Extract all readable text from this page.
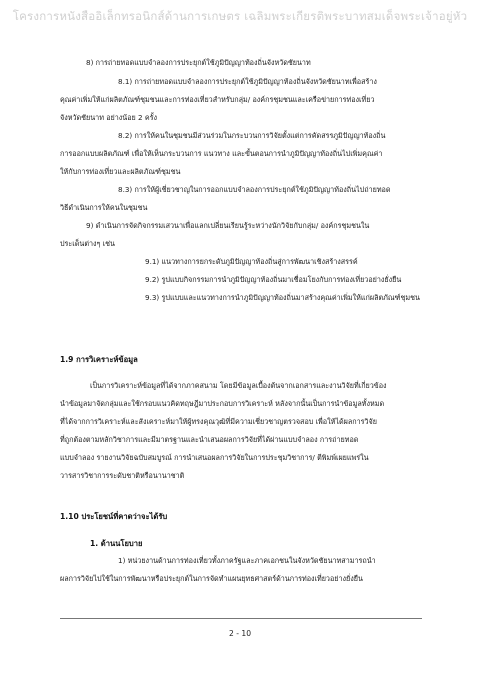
โครงการหนังสืออิเล็กทรอนิกส์ด้านการเกษตร เฉลิมพระเกียรติพระบาทสมเด็จพระเจ้าอยู่หัว
8) การถ่ายทอดแบบจำลองการประยุกต์ใช้ภูมิปัญญาท้องถิ่นจังหวัดชัยนาท
8.1) การถ่ายทอดแบบจำลองการประยุกต์ใช้ภูมิปัญญาท้องถิ่นจังหวัดชัยนาทเพื่อสร้าง
คุณค่าเพิ่มให้แก่ผลิตภัณฑ์ชุมชนและการท่องเที่ยวสำหรับกลุ่ม/ องค์กรชุมชนและเครือข่ายการท่องเที่ยว
จังหวัดชัยนาท อย่างน้อย 2 ครั้ง
8.2) การให้คนในชุมชนมีส่วนร่วมในกระบวนการวิจัยตั้งแต่การคัดสรรภูมิปัญญาท้องถิ่น
การออกแบบผลิตภัณฑ์ เพื่อให้เห็นกระบวนการ แนวทาง และขั้นตอนการนำภูมิปัญญาท้องถิ่นไปเพิ่มคุณค่า
ให้กับการท่องเที่ยวและผลิตภัณฑ์ชุมชน
8.3) การให้ผู้เชี่ยวชาญในการออกแบบจำลองการประยุกต์ใช้ภูมิปัญญาท้องถิ่นไปถ่ายทอด
วิธีดำเนินการให้คนในชุมชน
9) ดำเนินการจัดกิจกรรมเสวนาเพื่อแลกเปลี่ยนเรียนรู้ระหว่างนักวิจัยกับกลุ่ม/ องค์กรชุมชนใน
ประเด็นต่างๆ เช่น
9.1) แนวทางการยกระดับภูมิปัญญาท้องถิ่นสู่การพัฒนาเชิงสร้างสรรค์
9.2) รูปแบบกิจกรรมการนำภูมิปัญญาท้องถิ่นมาเชื่อมโยงกับการท่องเที่ยวอย่างยั่งยืน
9.3) รูปแบบและแนวทางการนำภูมิปัญญาท้องถิ่นมาสร้างคุณค่าเพิ่มให้แก่ผลิตภัณฑ์ชุมชน
1.9 การวิเคราะห์ข้อมูล
เป็นการวิเคราะห์ข้อมูลที่ได้จากภาคสนาม โดยมีข้อมูลเบื้องต้นจากเอกสารและงานวิจัยที่เกี่ยวข้อง
นำข้อมูลมาจัดกลุ่มและใช้กรอบแนวคิดทฤษฎีมาประกอบการวิเคราะห์ หลังจากนั้นเป็นการนำข้อมูลทั้งหมด
ที่ได้จากการวิเคราะห์และสังเคราะห์มาให้ผู้ทรงคุณวุฒิที่มีความเชี่ยวชาญตรวจสอบ เพื่อให้ได้ผลการวิจัย
ที่ถูกต้องตามหลักวิชาการและมีมาตรฐานและนำเสนอผลการวิจัยที่ได้ผ่านแบบจำลอง การถ่ายทอด
แบบจำลอง รายงานวิจัยฉบับสมบูรณ์ การนำเสนอผลการวิจัยในการประชุมวิชาการ/ ตีพิมพ์เผยแพร่ใน
วารสารวิชาการระดับชาติหรือนานาชาติ
1.10 ประโยชน์ที่คาดว่าจะได้รับ
1. ด้านนโยบาย
1) หน่วยงานด้านการท่องเที่ยวทั้งภาครัฐและภาคเอกชนในจังหวัดชัยนาทสามารถนำ
ผลการวิจัยไปใช้ในการพัฒนาหรือประยุกต์ในการจัดทำแผนยุทธศาสตร์ด้านการท่องเที่ยวอย่างยั่งยืน
2 - 10
